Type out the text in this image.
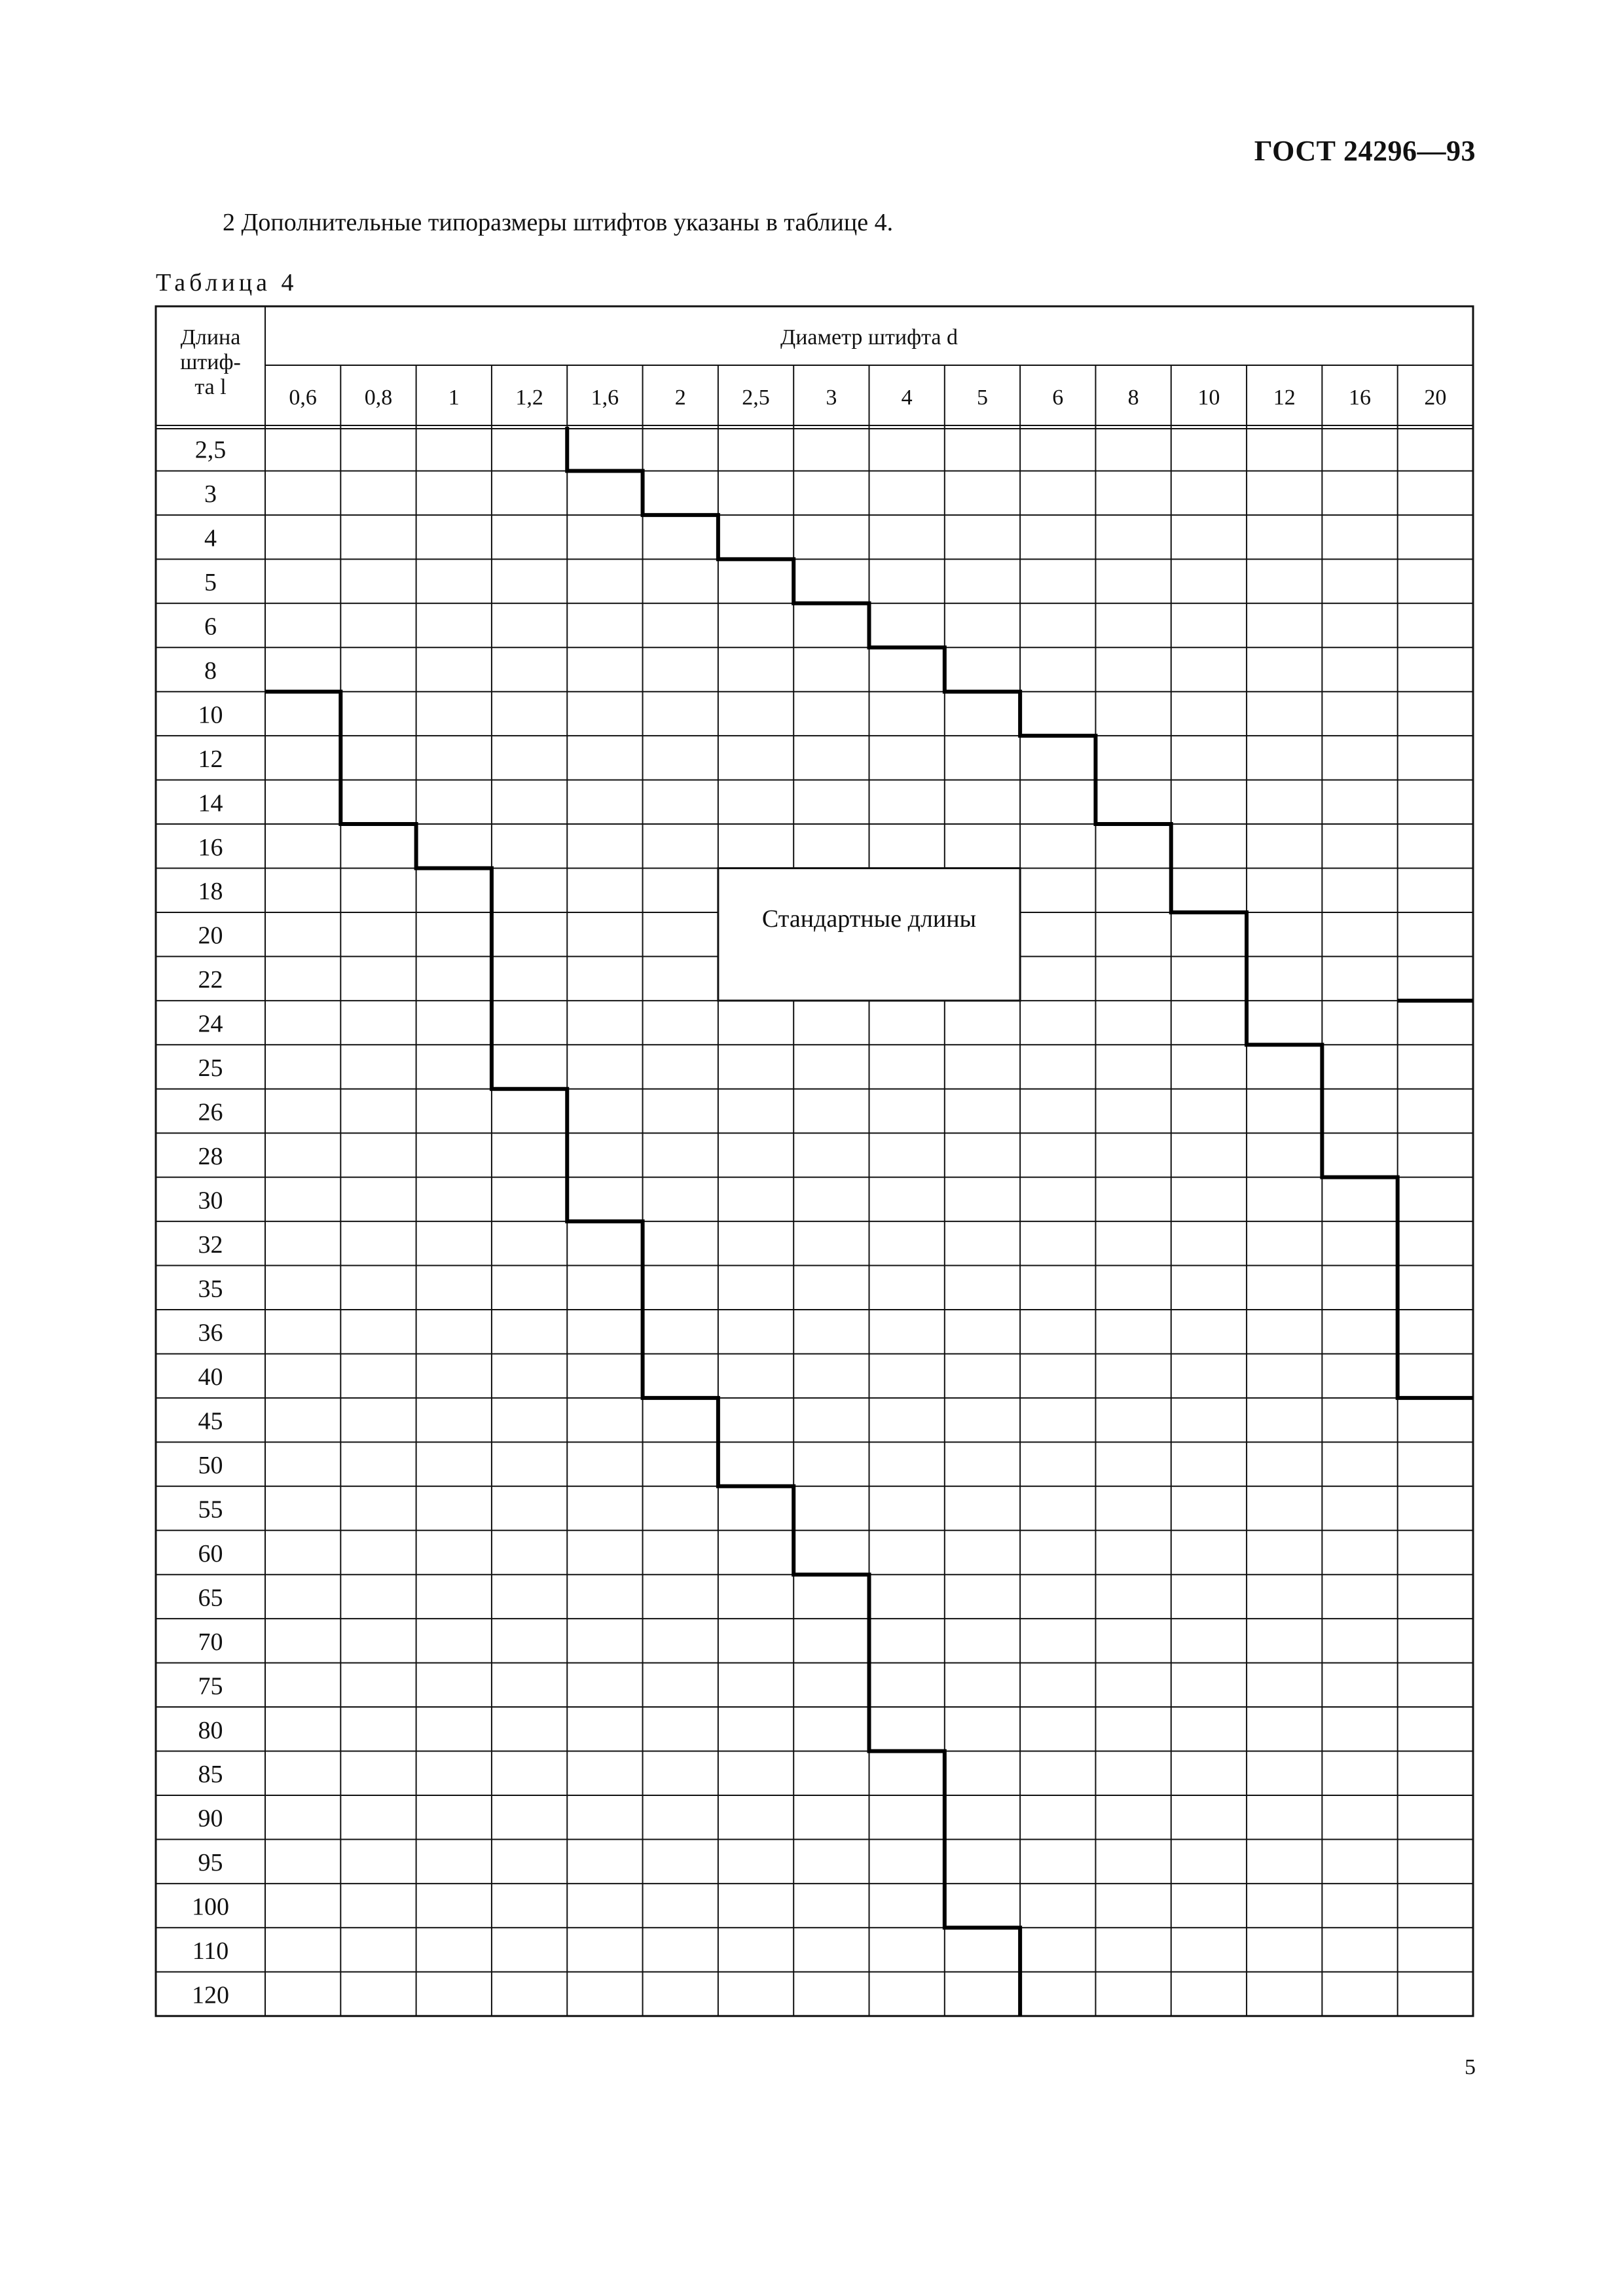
ГОСТ 24296—93
2 Дополнительные типоразмеры штифтов указаны в таблице 4.
Таблица 4
Стандартные длины
Длина
штиф-
та l
Диаметр штифта d
0,6 0,8	1	1,2 1,6	2	2,5	3	4	5	6	8	10 12 16 20
2,5
3
4
5
6
8
10
12
14
16
18
20
22
24
25
26
28
30
32
35
36
40
45
50
55
60
65
70
75
80
85
90
95
100
110
120
5
